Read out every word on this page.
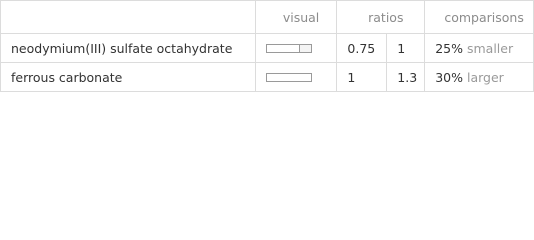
	visual	ratios		comparisons
neodymium(III) sulfate octahydrate		0.75	1	25% smaller
ferrous carbonate		1	1.3	30% larger
